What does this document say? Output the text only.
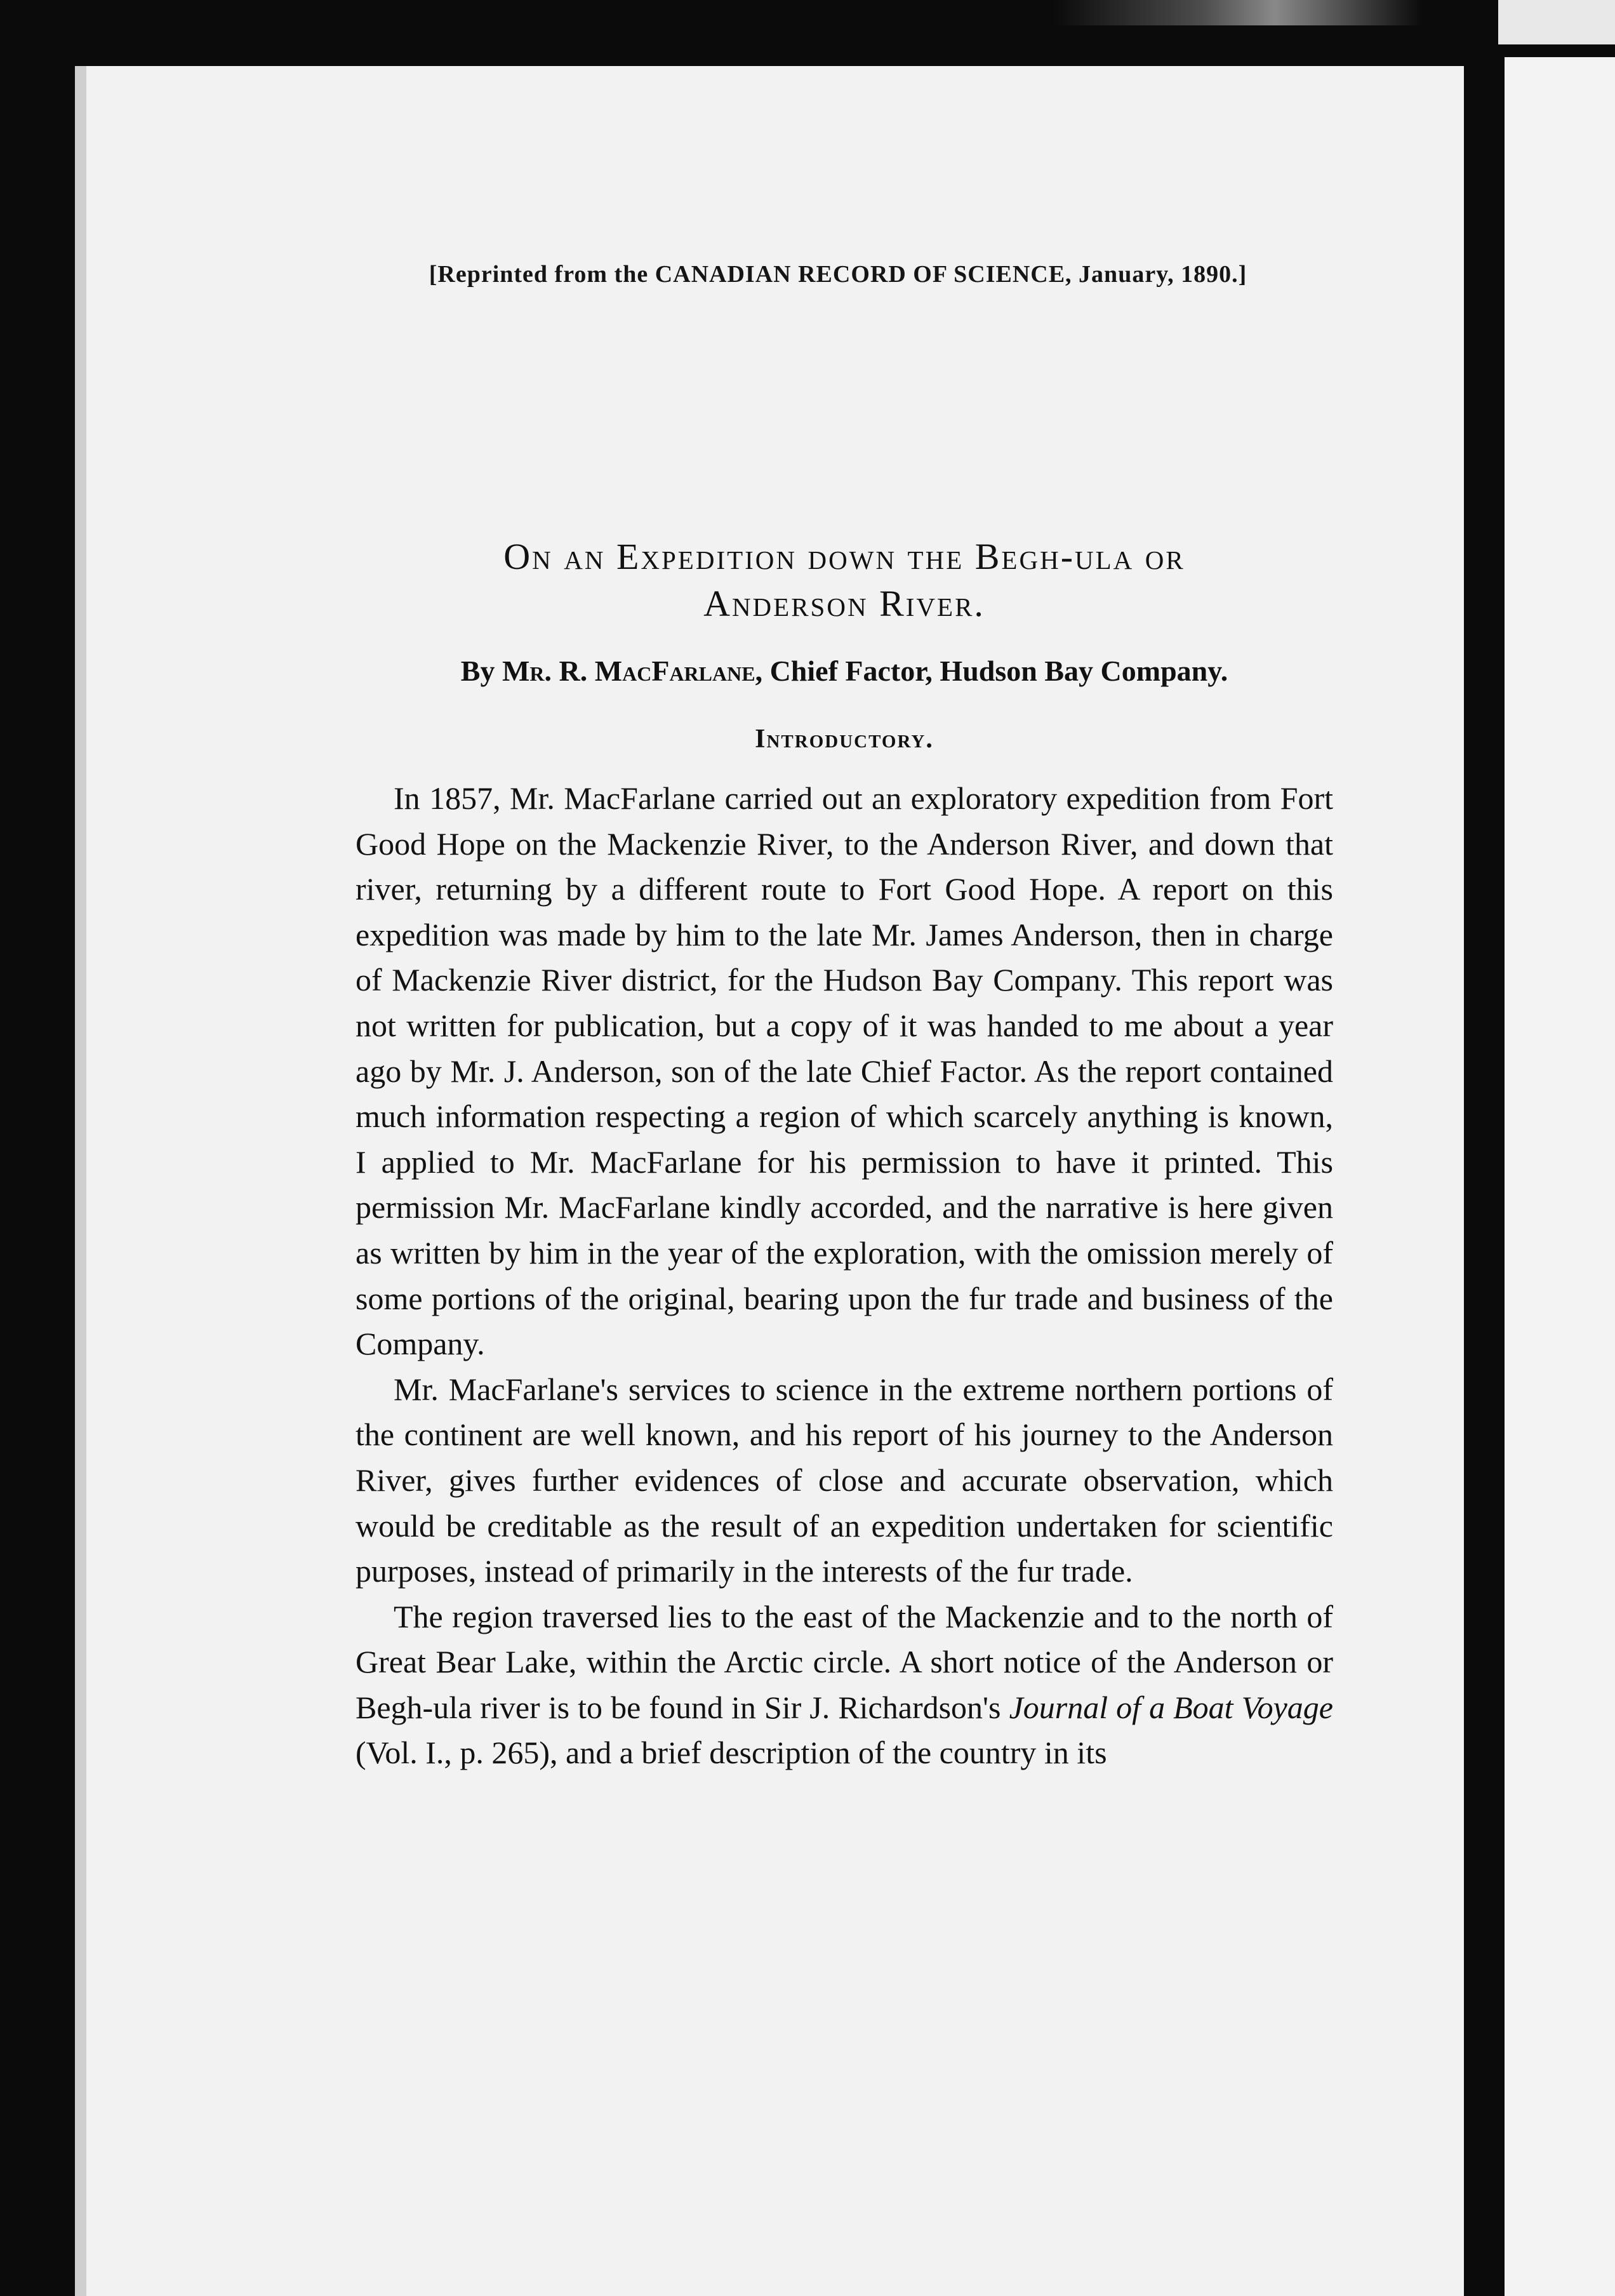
[Reprinted from the CANADIAN RECORD OF SCIENCE, January, 1890.]
On an Expedition down the Begh-ula or
Anderson River.
By Mr. R. MacFarlane, Chief Factor, Hudson Bay Company.
Introductory.

In 1857, Mr. MacFarlane carried out an exploratory expedition from Fort Good Hope on the Mackenzie River, to the Anderson River, and down that river, returning by a different route to Fort Good Hope. A report on this expedition was made by him to the late Mr. James Anderson, then in charge of Mackenzie River district, for the Hudson Bay Company. This report was not written for publication, but a copy of it was handed to me about a year ago by Mr. J. Anderson, son of the late Chief Factor. As the report contained much information respecting a region of which scarcely anything is known, I applied to Mr. MacFarlane for his permission to have it printed. This permission Mr. MacFarlane kindly accorded, and the narrative is here given as written by him in the year of the exploration, with the omission merely of some portions of the original, bearing upon the fur trade and business of the Company.

Mr. MacFarlane's services to science in the extreme northern portions of the continent are well known, and his report of his journey to the Anderson River, gives further evidences of close and accurate observation, which would be creditable as the result of an expedition undertaken for scientific purposes, instead of primarily in the interests of the fur trade.

The region traversed lies to the east of the Mackenzie and to the north of Great Bear Lake, within the Arctic circle. A short notice of the Anderson or Begh-ula river is to be found in Sir J. Richardson's Journal of a Boat Voyage (Vol. I., p. 265), and a brief description of the country in its
